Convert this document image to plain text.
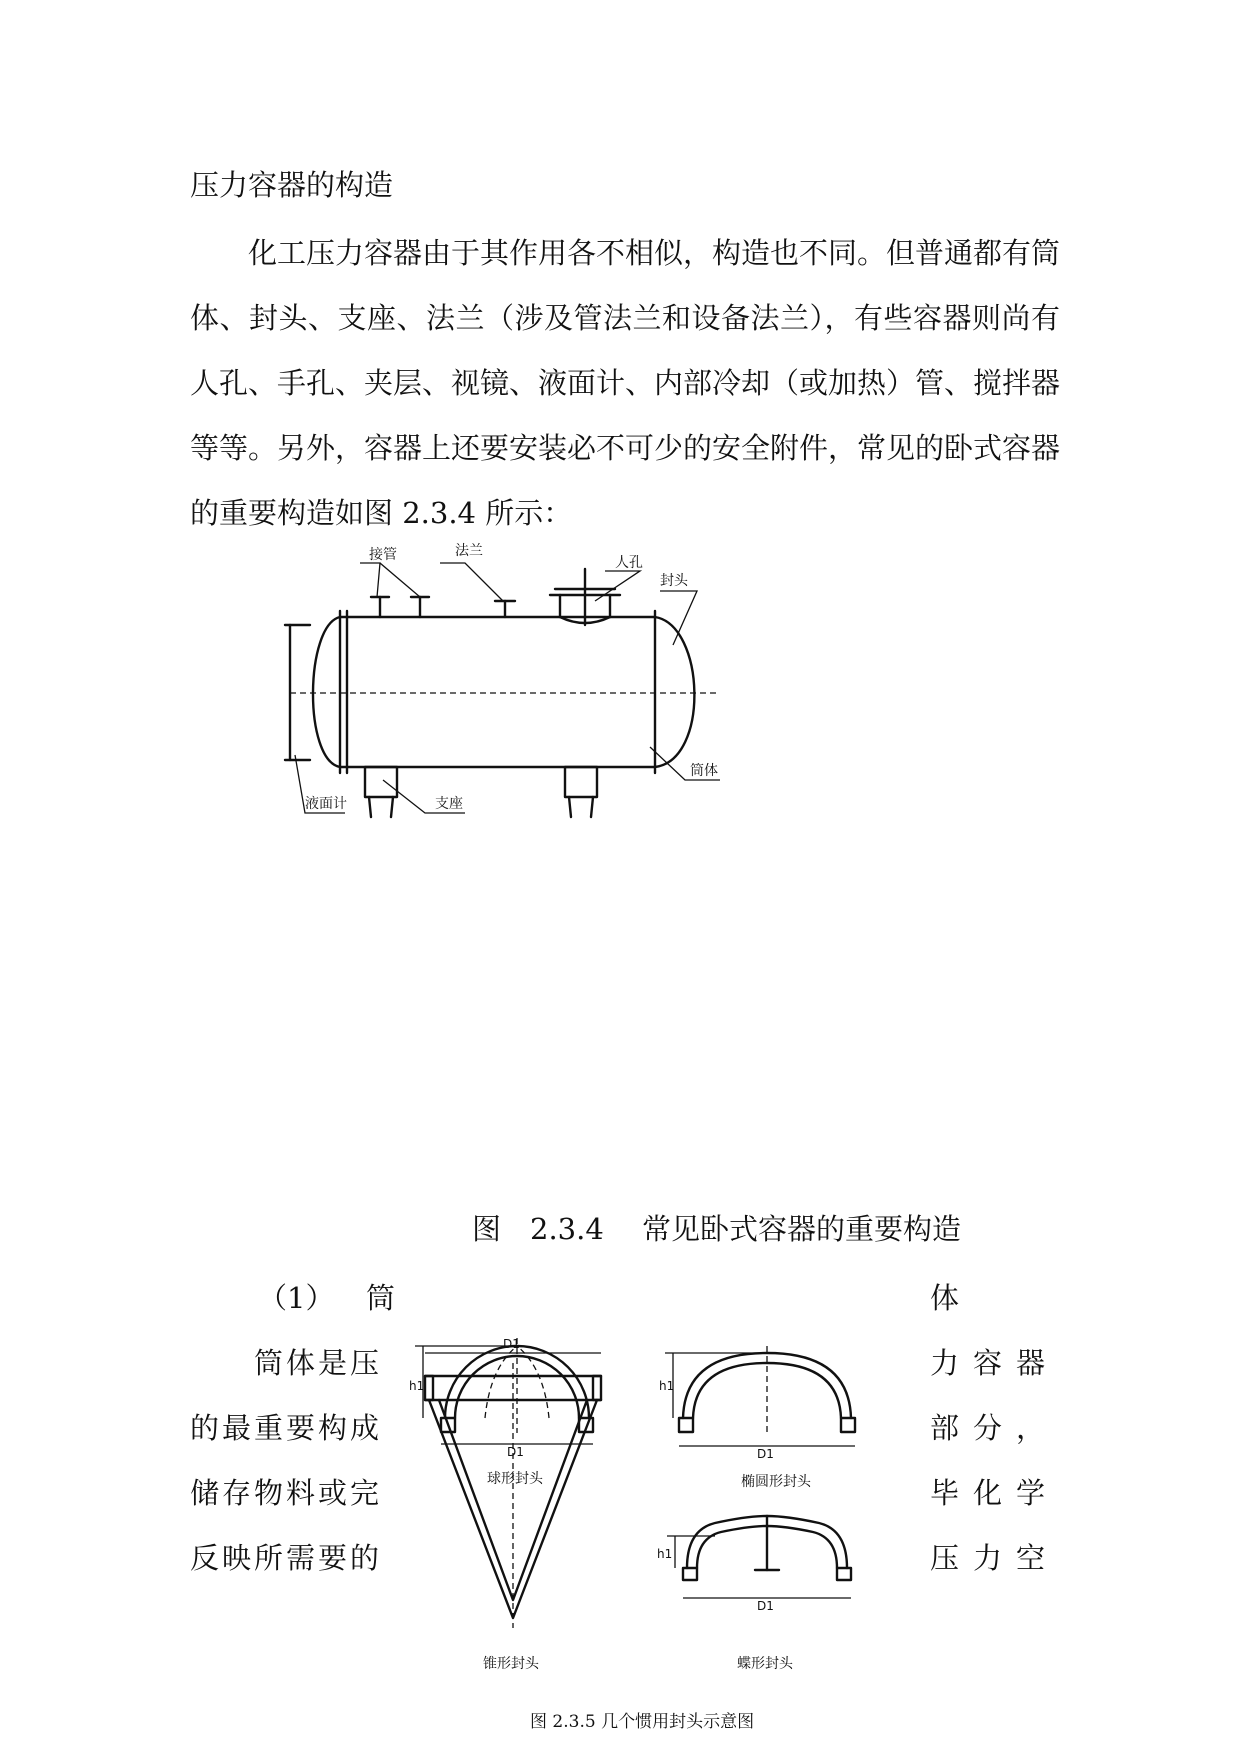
压力容器的构造
化工压力容器由于其作用各不相似，构造也不同。但普通都有筒体、封头、支座、法兰（涉及管法兰和设备法兰），有些容器则尚有人孔、手孔、夹层、视镜、液面计、内部冷却（或加热）管、搅拌器等等。另外，容器上还要安装必不可少的安全附件，常见的卧式容器的重要构造如图 2.3.4 所示：
接管	法兰
人孔
封头
筒体
液面计	支座
图　2.3.4　 常见卧式容器的重要构造
（1） 筒	体
筒体是压
的最重要构成
储存物料或完
反映所需要的
力容器
部分，
毕化学
压力空
h1
D1
球形封头
h1
D1
椭圆形封头
D1
锥形封头
h1
D1
蝶形封头
图 2.3.5 几个惯用封头示意图
